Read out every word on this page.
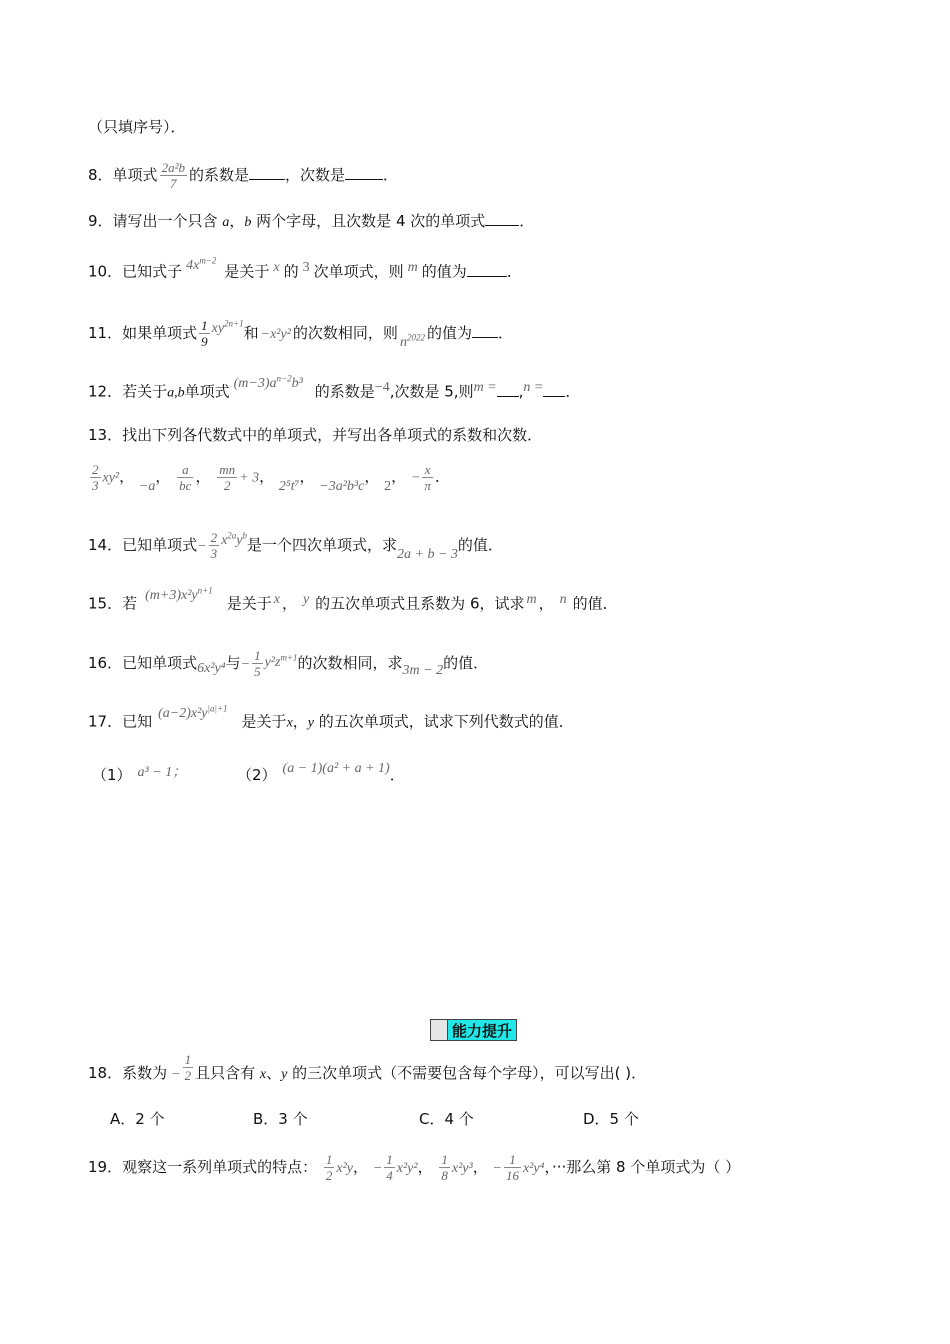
（只填序号）．
8．单项式 $\frac{\text{2a²b}}{7}$ 的系数是 ，次数是	．
9．请写出一个只含 a，b 两个字母，且次数是 4 次的单项式 ．
10．已知式子 $4x^{m-2}$是关于 x 的 3 次单项式，则 m 的值为	．
11．如果单项式 $\frac{1}{9} xy^{2n+1}$和 −x²y² 的次数相同，则$n^{2022}$ 的值为 ．
12．若关于a,b单项式 $(m-3)a^{n-2}b^3$ 的系数是−4,次数是 5,则m = ,n = ．
13．找出下列各代数式中的单项式，并写出各单项式的系数和次数．
$\frac{2}{3} xy^2$， −a， $\frac{a}{bc}$ ， $\frac{mn}{2} + 3$， 2⁵t⁷， −3a²b³c， 2， − $\frac{x}{\pi}$ ．
14．已知单项式− $\frac{2}{3} x^{2a}y^b$是一个四次单项式，求2a + b − 3的值．
15．若 $(m+3)x^2y^{n+1}$是关于 x ， y 的五次单项式且系数为 6，试求 m ， n 的值．
16．已知单项式6x²y⁴与− $\frac{1}{5} y^2z^{m+1}$的次数相同，求3m − 2的值．
17．已知 $(a-2)x^2y^{|a|+1}$是关于x，y 的五次单项式，试求下列代数式的值．
（1） a³ − 1；	（2） (a − 1)(a² + a + 1)．
能力提升
18．系数为 − $\frac{1}{2}$ 且只含有 x、y 的三次单项式（不需要包含每个字母），可以写出( )．
A．2 个	B．3 个	C．4 个	D．5 个
19．观察这一系列单项式的特点： $\frac{1}{2} x^2y$， − $\frac{1}{4} x^2y^2$， $\frac{1}{8} x^2y^3$， − $\frac{1}{16} x^2y^4$，···那么第 8 个单项式为（ ）
